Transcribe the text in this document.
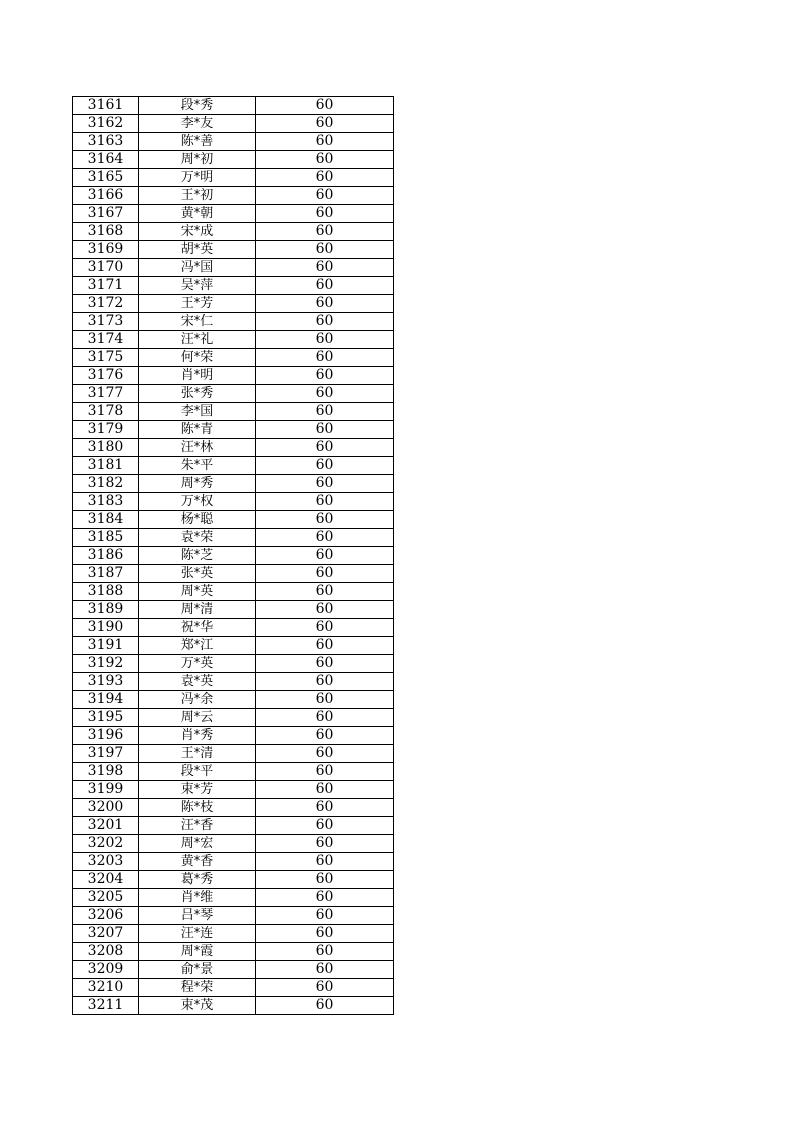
3161	段*秀	60
3162	李*友	60
3163	陈*善	60
3164	周*初	60
3165	万*明	60
3166	王*初	60
3167	黄*朝	60
3168	宋*成	60
3169	胡*英	60
3170	冯*国	60
3171	吴*萍	60
3172	王*芳	60
3173	宋*仁	60
3174	汪*礼	60
3175	何*荣	60
3176	肖*明	60
3177	张*秀	60
3178	李*国	60
3179	陈*青	60
3180	汪*林	60
3181	朱*平	60
3182	周*秀	60
3183	万*权	60
3184	杨*聪	60
3185	袁*荣	60
3186	陈*芝	60
3187	张*英	60
3188	周*英	60
3189	周*清	60
3190	祝*华	60
3191	郑*江	60
3192	万*英	60
3193	袁*英	60
3194	冯*余	60
3195	周*云	60
3196	肖*秀	60
3197	王*清	60
3198	段*平	60
3199	束*芳	60
3200	陈*枝	60
3201	汪*香	60
3202	周*宏	60
3203	黄*香	60
3204	葛*秀	60
3205	肖*维	60
3206	吕*琴	60
3207	汪*连	60
3208	周*霞	60
3209	俞*景	60
3210	程*荣	60
3211	束*茂	60
